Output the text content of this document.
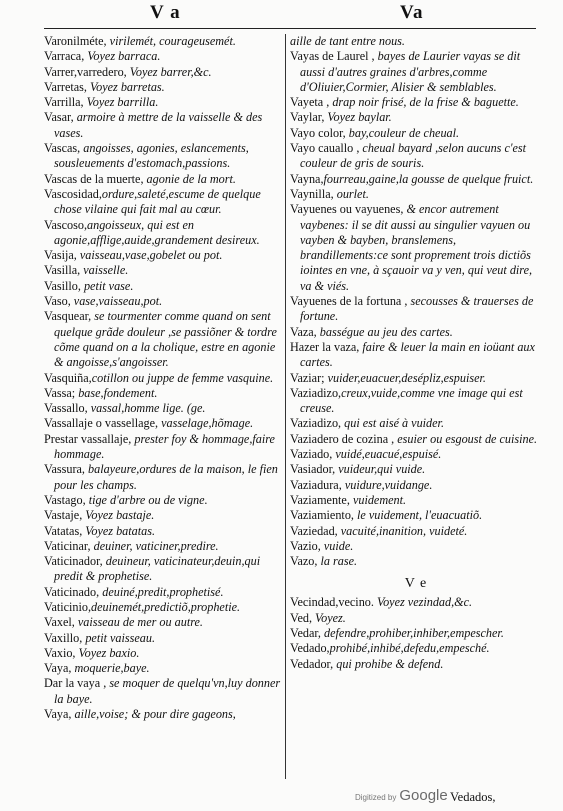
V a	Va
Varonilméte, virilemét, courageusemét.
Varraca, Voyez barraca.
Varrer,varredero, Voyez barrer,&c.
Varretas, Voyez barretas.
Varrilla, Voyez barrilla.
Vasar, armoire à mettre de la vaisselle & des vases.
Vascas, angoisses, agonies, eslancements, sousleuements d'estomach,passions.
Vascas de la muerte, agonie de la mort.
Vascosidad,ordure,saleté,escume de quelque chose vilaine qui fait mal au cœur.
Vascoso,angoisseux, qui est en agonie,afflige,auide,grandement desireux.
Vasija, vaisseau,vase,gobelet ou pot.
Vasilla, vaisselle.
Vasillo, petit vase.
Vaso, vase,vaisseau,pot.
Vasquear, se tourmenter comme quand on sent quelque grãde douleur ,se passiõner & tordre cõme quand on a la cholique, estre en agonie & angoisse,s'angoisser.
Vasquiña,cotillon ou juppe de femme vasquine.
Vassa; base,fondement.
Vassallo, vassal,homme lige. (ge.
Vassallaje o vassellage, vasselage,hõmage.
Prestar vassallaje, prester foy & hommage,faire hommage.
Vassura, balayeure,ordures de la maison, le fien pour les champs.
Vastago, tige d'arbre ou de vigne.
Vastaje, Voyez bastaje.
Vatatas, Voyez batatas.
Vaticinar, deuiner, vaticiner,predire.
Vaticinador, deuineur, vaticinateur,deuin,qui predit & prophetise.
Vaticinado, deuiné,predit,prophetisé.
Vaticinio,deuinemét,predictiõ,prophetie.
Vaxel, vaisseau de mer ou autre.
Vaxillo, petit vaisseau.
Vaxio, Voyez baxio.
Vaya, moquerie,baye.
Dar la vaya , se moquer de quelqu'vn,luy donner la baye.
Vaya, aille,voise; & pour dire gageons,
aille de tant entre nous.
Vayas de Laurel , bayes de Laurier vayas se dit aussi d'autres graines d'arbres,comme d'Oliuier,Cormier, Alisier & semblables.
Vayeta , drap noir frisé, de la frise & baguette.
Vaylar, Voyez baylar.
Vayo color, bay,couleur de cheual.
Vayo cauallo , cheual bayard ,selon aucuns c'est couleur de gris de souris.
Vayna,fourreau,gaine,la gousse de quelque fruict.
Vaynilla, ourlet.
Vayuenes ou vayuenes, & encor autrement vaybenes: il se dit aussi au singulier vayuen ou vayben & bayben, branslemens, brandillements:ce sont proprement trois dictiõs iointes en vne, à sçauoir va y ven, qui veut dire, va & viés.
Vayuenes de la fortuna , secousses & trauerses de fortune.
Vaza, basségue au jeu des cartes.
Hazer la vaza, faire & leuer la main en ioüant aux cartes.
Vaziar; vuider,euacuer,desépliz,espuiser.
Vaziadizo,creux,vuide,comme vne image qui est creuse.
Vaziadizo, qui est aisé à vuider.
Vaziadero de cozina , esuier ou esgoust de cuisine.
Vaziado, vuidé,euacué,espuisé.
Vasiador, vuideur,qui vuide.
Vaziadura, vuidure,vuidange.
Vaziamente, vuidement.
Vaziamiento, le vuidement, l'euacuatiõ.
Vaziedad, vacuité,inanition, vuideté.
Vazio, vuide.
Vazo, la rase.
V e
Vecindad,vecino. Voyez vezindad,&c.
Ved, Voyez.
Vedar, defendre,prohiber,inhiber,empescher.
Vedado,prohibé,inhibé,defedu,empesché.
Vedador, qui prohibe & defend.
Digitized by Google Vedados,
